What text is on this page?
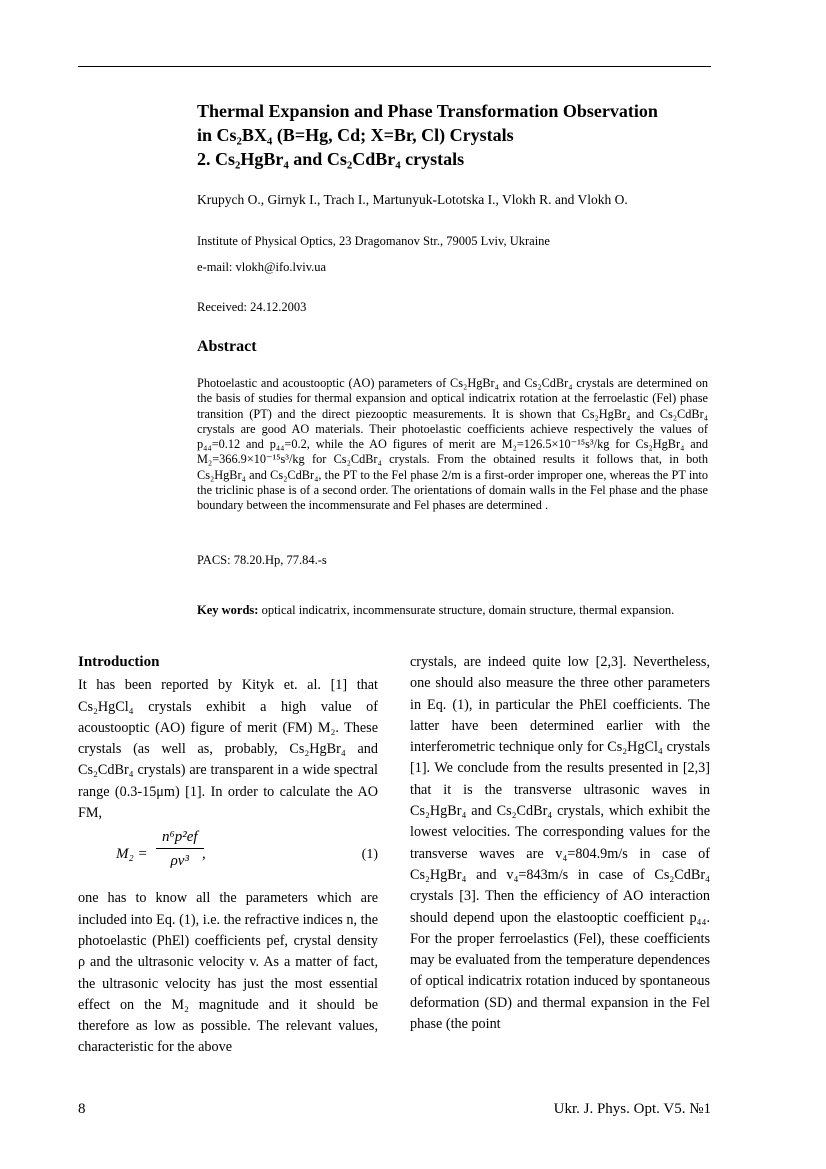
Thermal Expansion and Phase Transformation Observation
in Cs₂BX₄ (B=Hg, Cd; X=Br, Cl) Crystals
2. Cs₂HgBr₄ and Cs₂CdBr₄ crystals
Krupych O., Girnyk I., Trach I., Martunyuk-Lototska I., Vlokh R. and Vlokh O.
Institute of Physical Optics, 23 Dragomanov Str., 79005 Lviv, Ukraine
e-mail: vlokh@ifo.lviv.ua
Received: 24.12.2003
Abstract
Photoelastic and acoustooptic (AO) parameters of Cs₂HgBr₄ and Cs₂CdBr₄ crystals are determined on the basis of studies for thermal expansion and optical indicatrix rotation at the ferroelastic (Fel) phase transition (PT) and the direct piezooptic measurements. It is shown that Cs₂HgBr₄ and Cs₂CdBr₄ crystals are good AO materials. Their photoelastic coefficients achieve respectively the values of p₄₄=0.12 and p₄₄=0.2, while the AO figures of merit are M₂=126.5×10⁻¹⁵s³/kg for Cs₂HgBr₄ and M₂=366.9×10⁻¹⁵s³/kg for Cs₂CdBr₄ crystals. From the obtained results it follows that, in both Cs₂HgBr₄ and Cs₂CdBr₄, the PT to the Fel phase 2/m is a first-order improper one, whereas the PT into the triclinic phase is of a second order. The orientations of domain walls in the Fel phase and the phase boundary between the incommensurate and Fel phases are determined .
PACS: 78.20.Hp, 77.84.-s
Key words: optical indicatrix, incommensurate structure, domain structure, thermal expansion.
Introduction
It has been reported by Kityk et. al. [1] that Cs₂HgCl₄ crystals exhibit a high value of acoustooptic (AO) figure of merit (FM) M₂. These crystals (as well as, probably, Cs₂HgBr₄ and Cs₂CdBr₄ crystals) are transparent in a wide spectral range (0.3-15μm) [1]. In order to calculate the AO FM,
$M_2 = \frac{\text{n⁶p²ef}}{\text{ρv³}}$
,	(1)
one has to know all the parameters which are included into Eq. (1), i.e. the refractive indices n, the photoelastic (PhEl) coefficients pef, crystal density ρ and the ultrasonic velocity v. As a matter of fact, the ultrasonic velocity has just the most essential effect on the M₂ magnitude and it should be therefore as low as possible. The relevant values, characteristic for the above
crystals, are indeed quite low [2,3]. Nevertheless, one should also measure the three other parameters in Eq. (1), in particular the PhEl coefficients. The latter have been determined earlier with the interferometric technique only for Cs₂HgCl₄ crystals [1]. We conclude from the results presented in [2,3] that it is the transverse ultrasonic waves in Cs₂HgBr₄ and Cs₂CdBr₄ crystals, which exhibit the lowest velocities. The corresponding values for the transverse waves are v₄=804.9m/s in case of Cs₂HgBr₄ and v₄=843m/s in case of Cs₂CdBr₄ crystals [3]. Then the efficiency of AO interaction should depend upon the elastooptic coefficient p₄₄. For the proper ferroelastics (Fel), these coefficients may be evaluated from the temperature dependences of optical indicatrix rotation induced by spontaneous deformation (SD) and thermal expansion in the Fel phase (the point
8	Ukr. J. Phys. Opt. V5. №1
